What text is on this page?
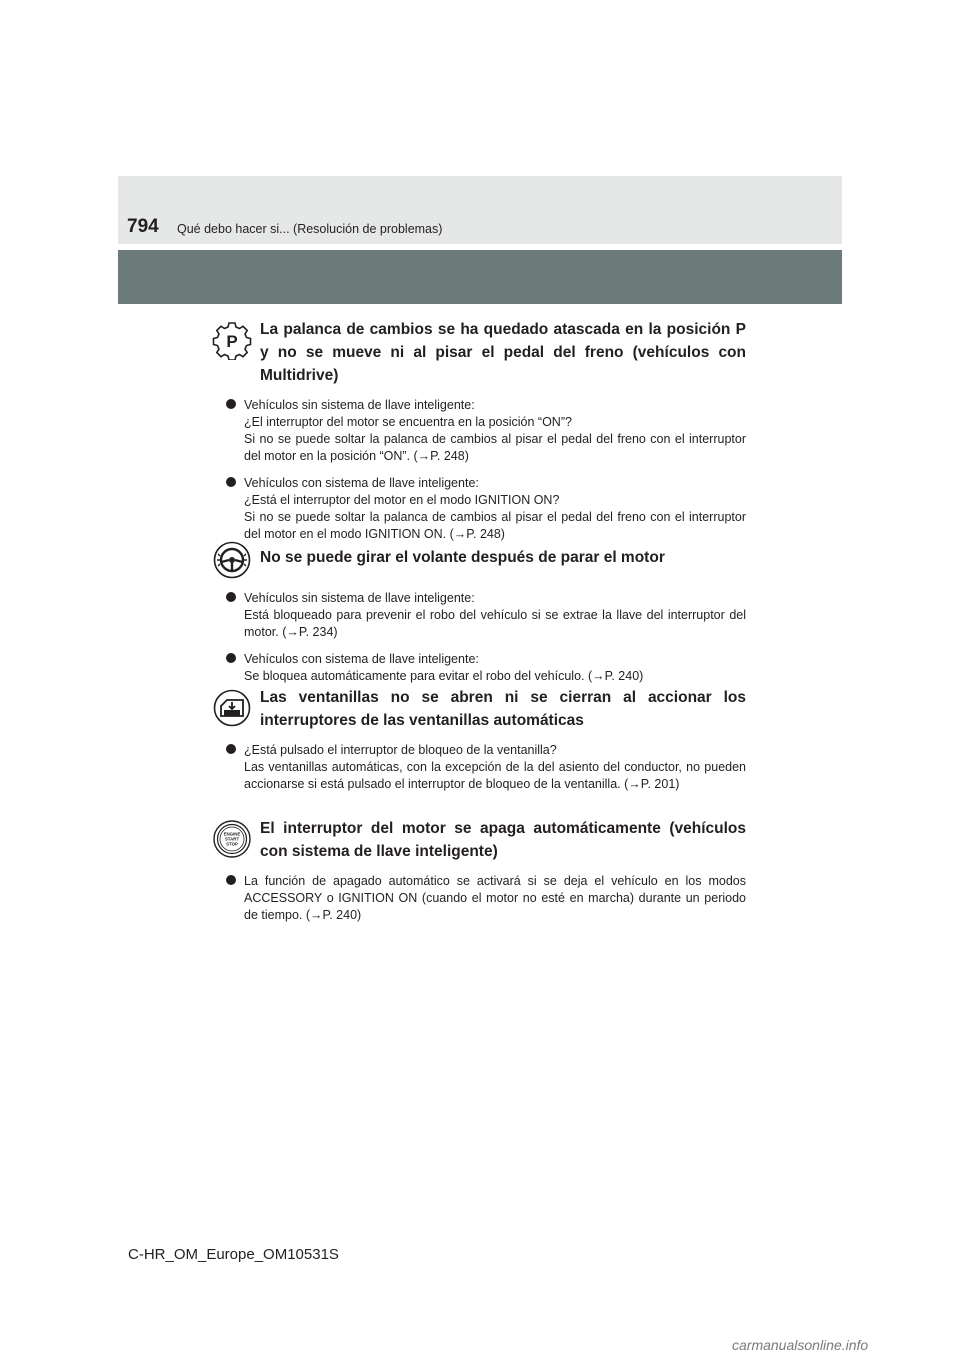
794 Qué debo hacer si... (Resolución de problemas)
P
La palanca de cambios se ha quedado atascada en la posición P y no se mueve ni al pisar el pedal del freno (vehículos con Multidrive)
Vehículos sin sistema de llave inteligente:
¿El interruptor del motor se encuentra en la posición “ON”?
Si no se puede soltar la palanca de cambios al pisar el pedal del freno con el interruptor del motor en la posición “ON”. (→P. 248)
Vehículos con sistema de llave inteligente:
¿Está el interruptor del motor en el modo IGNITION ON?
Si no se puede soltar la palanca de cambios al pisar el pedal del freno con el interruptor del motor en el modo IGNITION ON. (→P. 248)
No se puede girar el volante después de parar el motor
Vehículos sin sistema de llave inteligente:
Está bloqueado para prevenir el robo del vehículo si se extrae la llave del interruptor del motor. (→P. 234)
Vehículos con sistema de llave inteligente:
Se bloquea automáticamente para evitar el robo del vehículo. (→P. 240)
Las ventanillas no se abren ni se cierran al accionar los interruptores de las ventanillas automáticas
¿Está pulsado el interruptor de bloqueo de la ventanilla?
Las ventanillas automáticas, con la excepción de la del asiento del conductor, no pueden accionarse si está pulsado el interruptor de bloqueo de la ventanilla. (→P. 201)
ENGINE
START
STOP
El interruptor del motor se apaga automáticamente (vehículos con sistema de llave inteligente)
La función de apagado automático se activará si se deja el vehículo en los modos ACCESSORY o IGNITION ON (cuando el motor no esté en marcha) durante un periodo de tiempo. (→P. 240)
C-HR_OM_Europe_OM10531S
carmanualsonline.info
